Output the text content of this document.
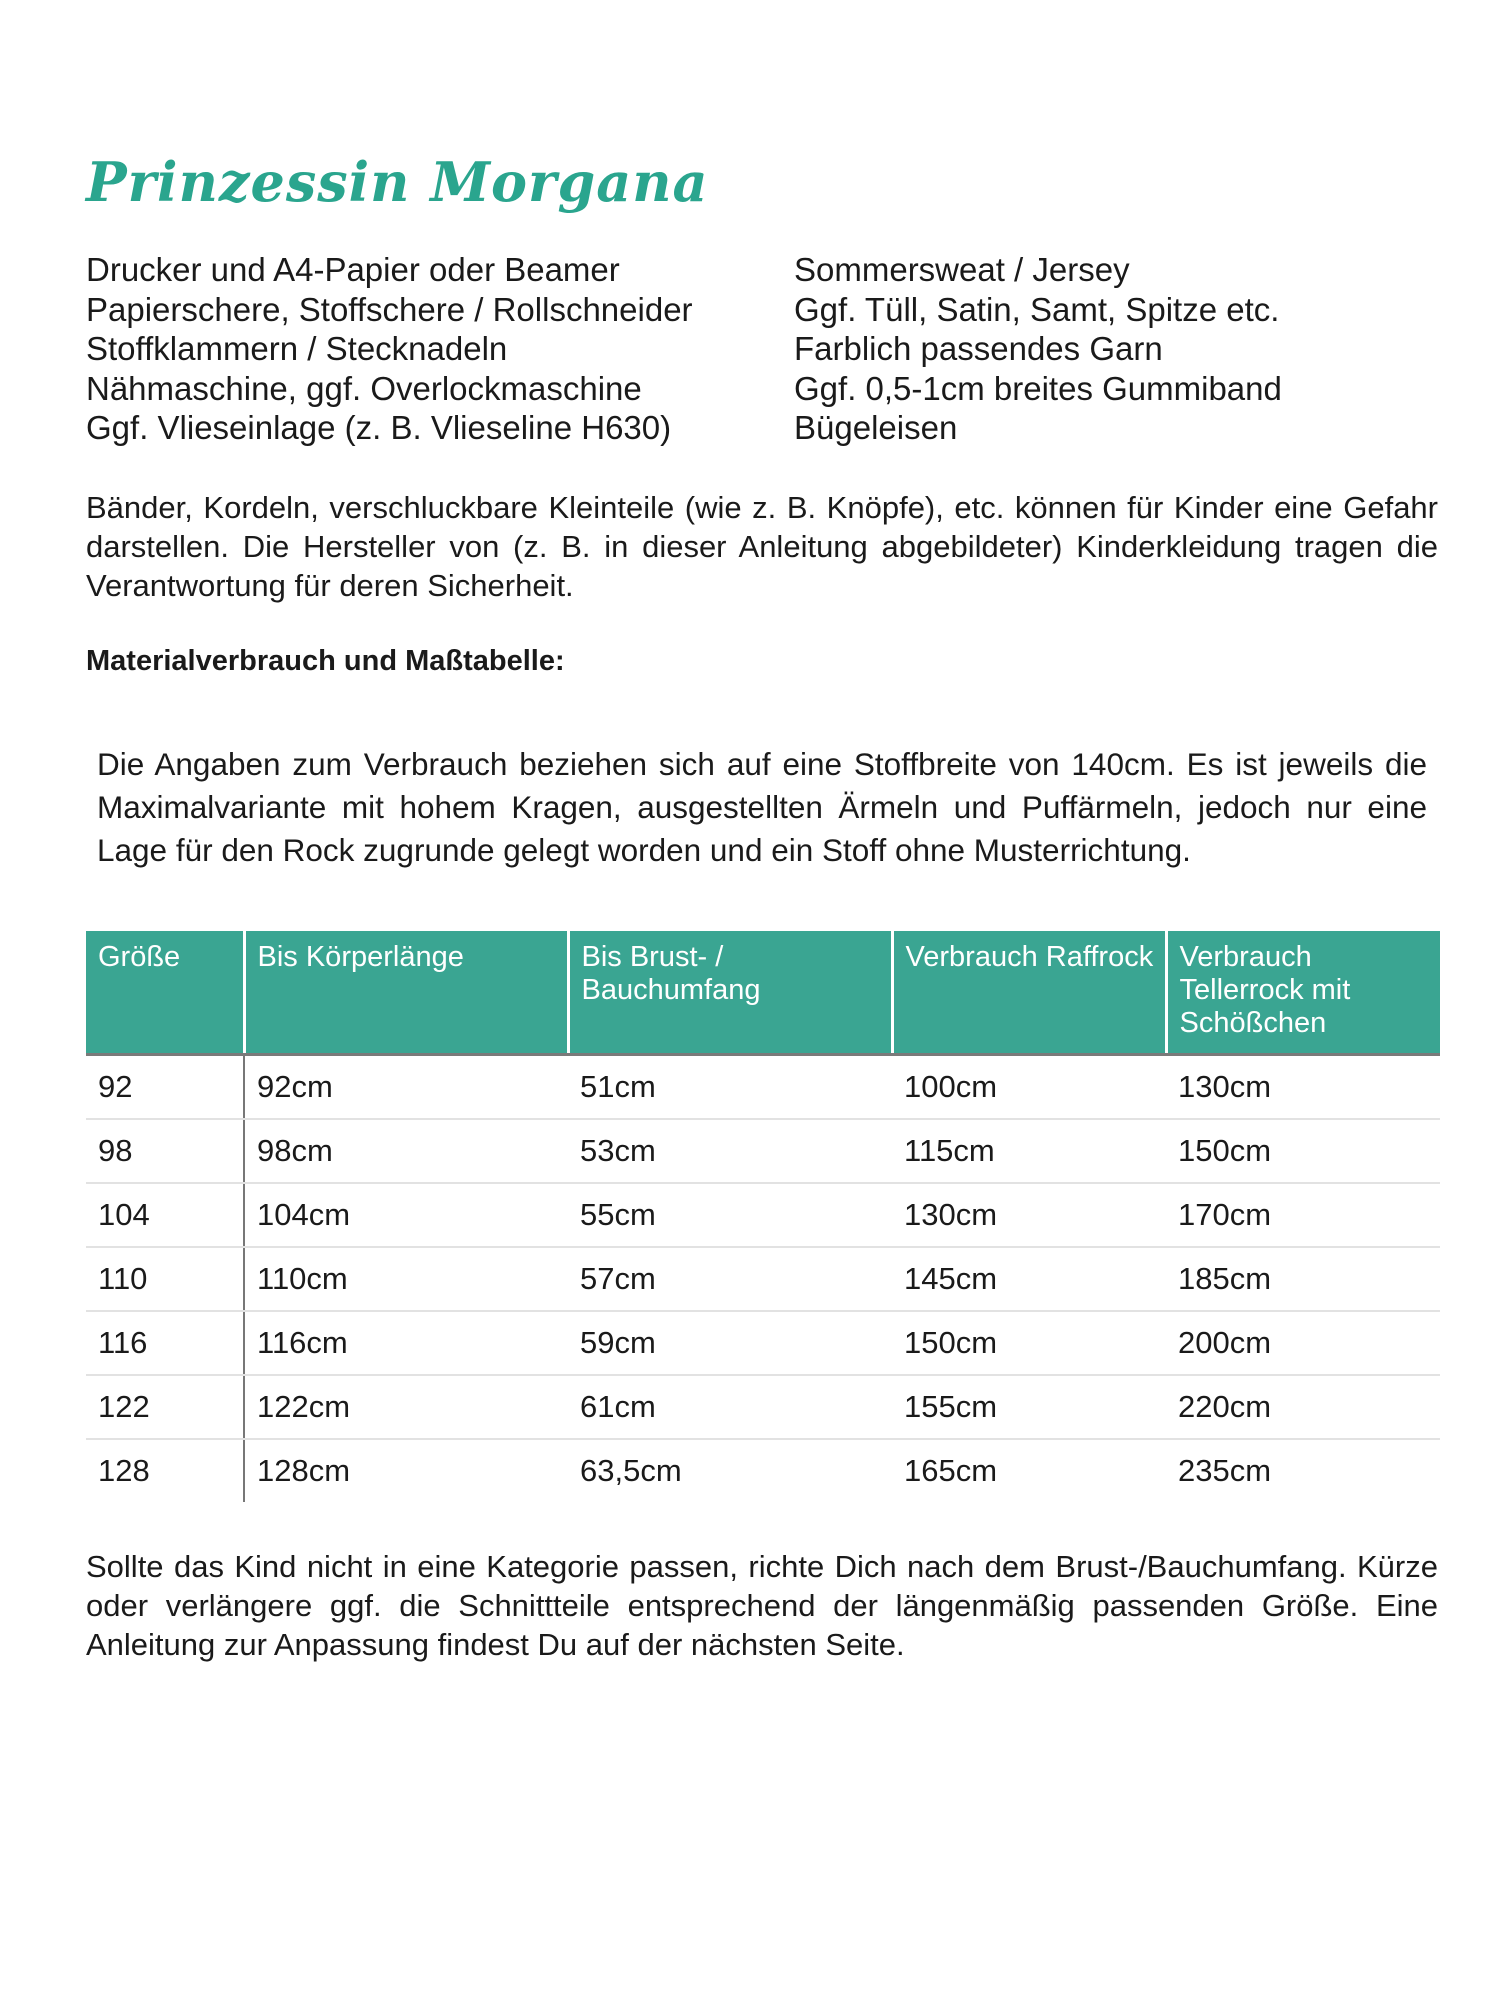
Prinzessin Morgana
Drucker und A4-Papier oder Beamer
Papierschere, Stoffschere / Rollschneider
Stoffklammern / Stecknadeln
Nähmaschine, ggf. Overlockmaschine
Ggf. Vlieseinlage (z. B. Vlieseline H630)
Sommersweat / Jersey
Ggf. Tüll, Satin, Samt, Spitze etc.
Farblich passendes Garn
Ggf. 0,5-1cm breites Gummiband
Bügeleisen

Bänder, Kordeln, verschluckbare Kleinteile (wie z. B. Knöpfe), etc. können für Kinder eine Gefahr darstellen. Die Hersteller von (z. B. in dieser Anleitung abgebildeter) Kinderkleidung tragen die Verantwortung für deren Sicherheit.

Materialverbrauch und Maßtabelle:

Die Angaben zum Verbrauch beziehen sich auf eine Stoffbreite von 140cm. Es ist jeweils die Maximalvariante mit hohem Kragen, ausgestellten Ärmeln und Puffärmeln, jedoch nur eine Lage für den Rock zugrunde gelegt worden und ein Stoff ohne Musterrichtung.

Größe	Bis Körperlänge	Bis Brust- / Bauchumfang	Verbrauch Raffrock	Verbrauch Tellerrock mit Schößchen
92	92cm	51cm	100cm	130cm
98	98cm	53cm	115cm	150cm
104	104cm	55cm	130cm	170cm
110	110cm	57cm	145cm	185cm
116	116cm	59cm	150cm	200cm
122	122cm	61cm	155cm	220cm
128	128cm	63,5cm	165cm	235cm

Sollte das Kind nicht in eine Kategorie passen, richte Dich nach dem Brust-/Bauchumfang. Kürze oder verlängere ggf. die Schnittteile entsprechend der längenmäßig passenden Größe. Eine Anleitung zur Anpassung findest Du auf der nächsten Seite.
